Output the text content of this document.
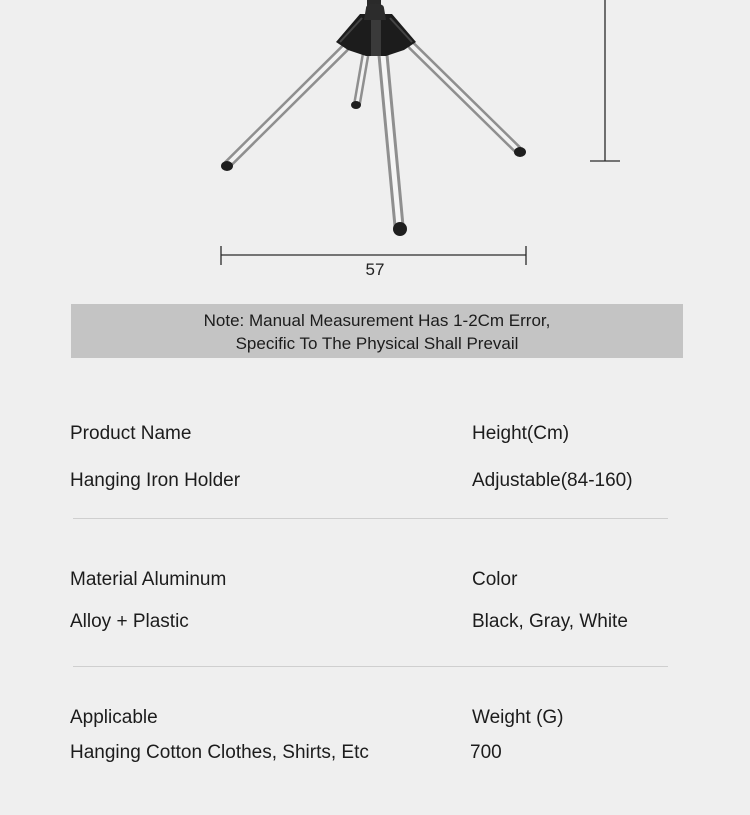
57
Note: Manual Measurement Has 1-2Cm Error,
Specific To The Physical Shall Prevail
Product Name	Height(Cm)
Hanging Iron Holder	Adjustable(84-160)
Material Aluminum	Color
Alloy + Plastic	Black, Gray, White
Applicable	Weight (G)
Hanging Cotton Clothes, Shirts, Etc	700
